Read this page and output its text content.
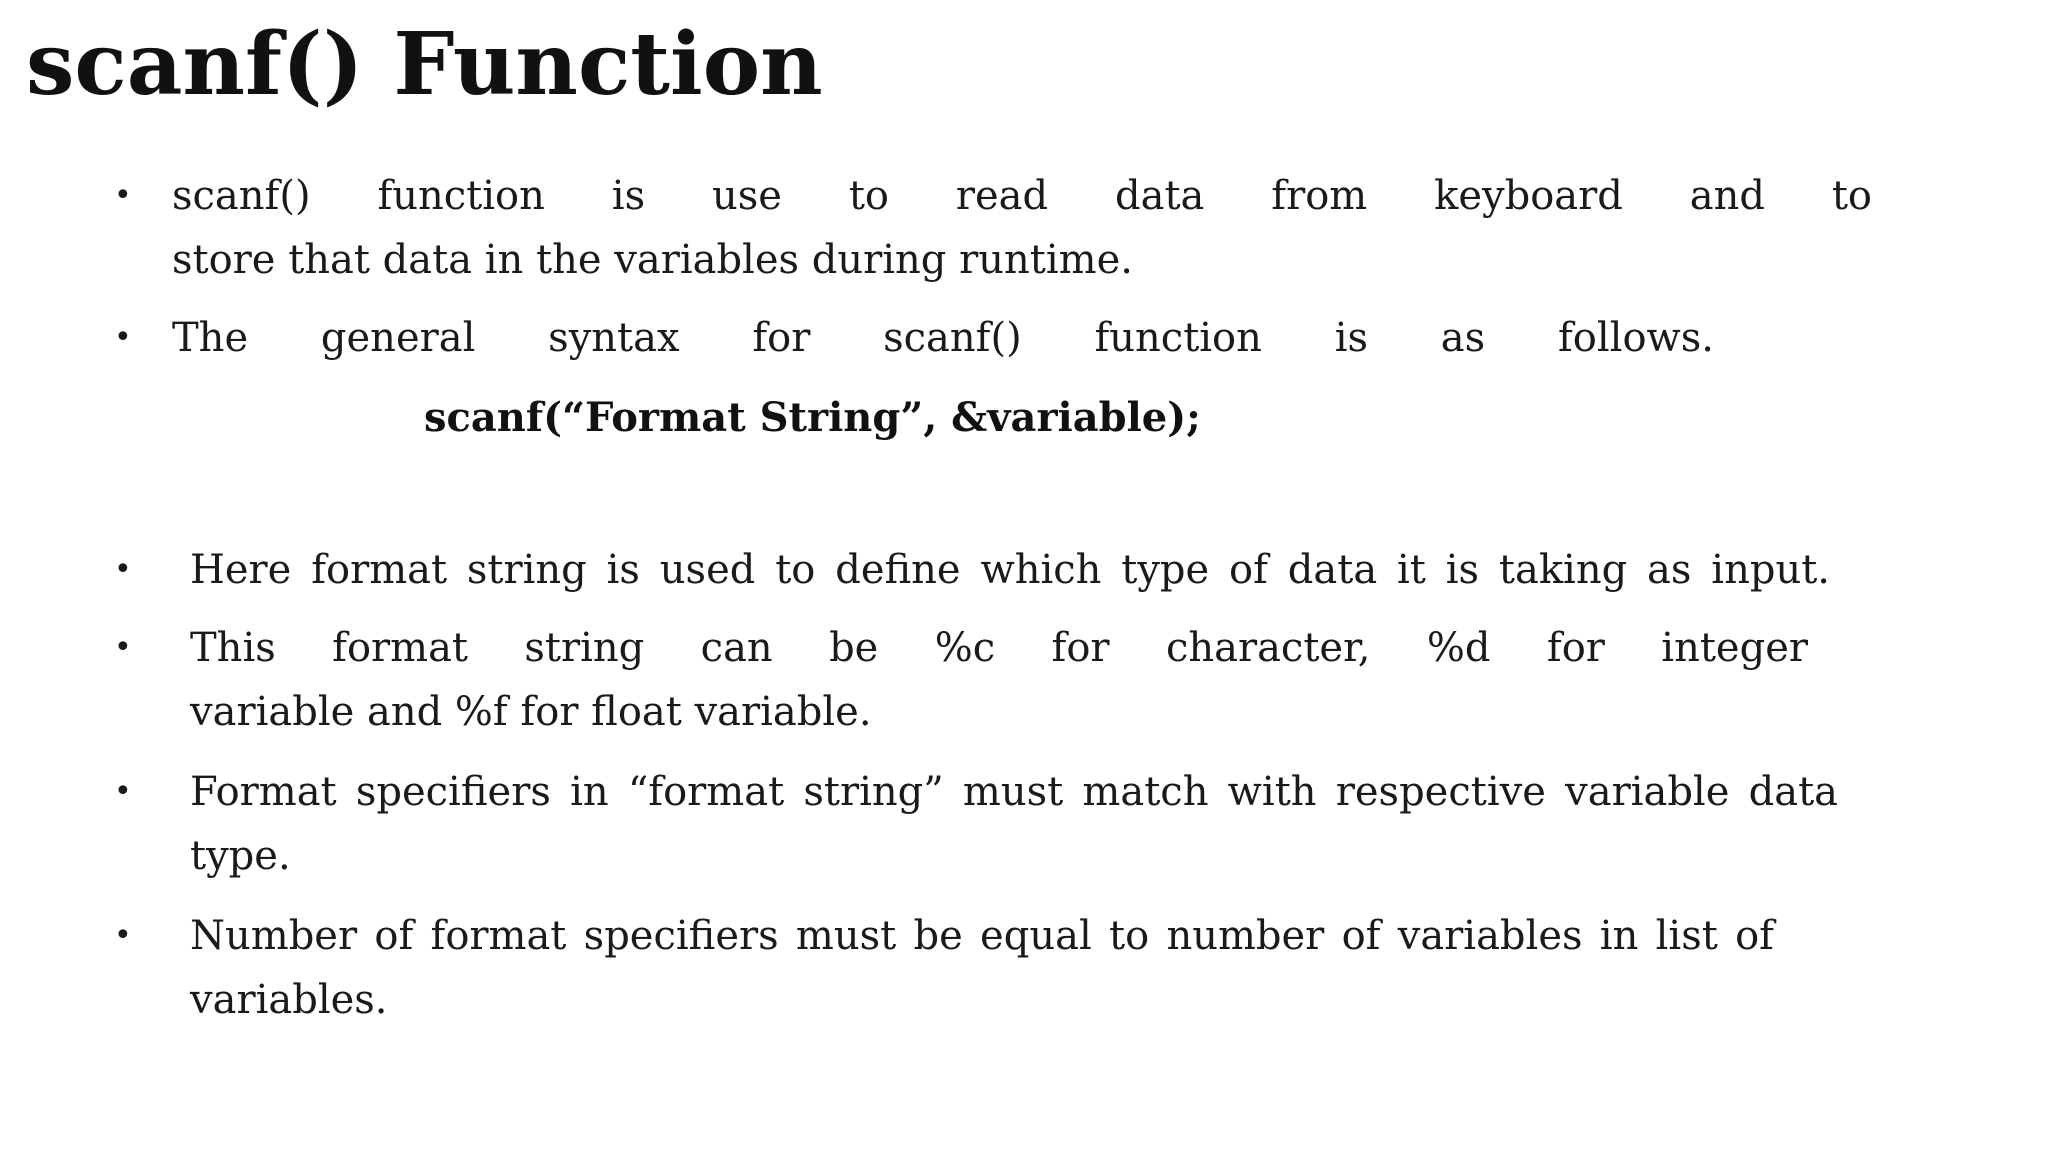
scanf() Function
• scanf() function is use to read data from keyboard and to
store that data in the variables during runtime.
• The general syntax for scanf() function is as follows.
• Here format string is used to define which type of data it is taking as input.
• This format string can be %c for character, %d for integer
variable and %f for float variable.
• Format specifiers in “format string” must match with respective variable data
type.
• Number of format specifiers must be equal to number of variables in list of
variables.
scanf(“Format String”, &variable);
